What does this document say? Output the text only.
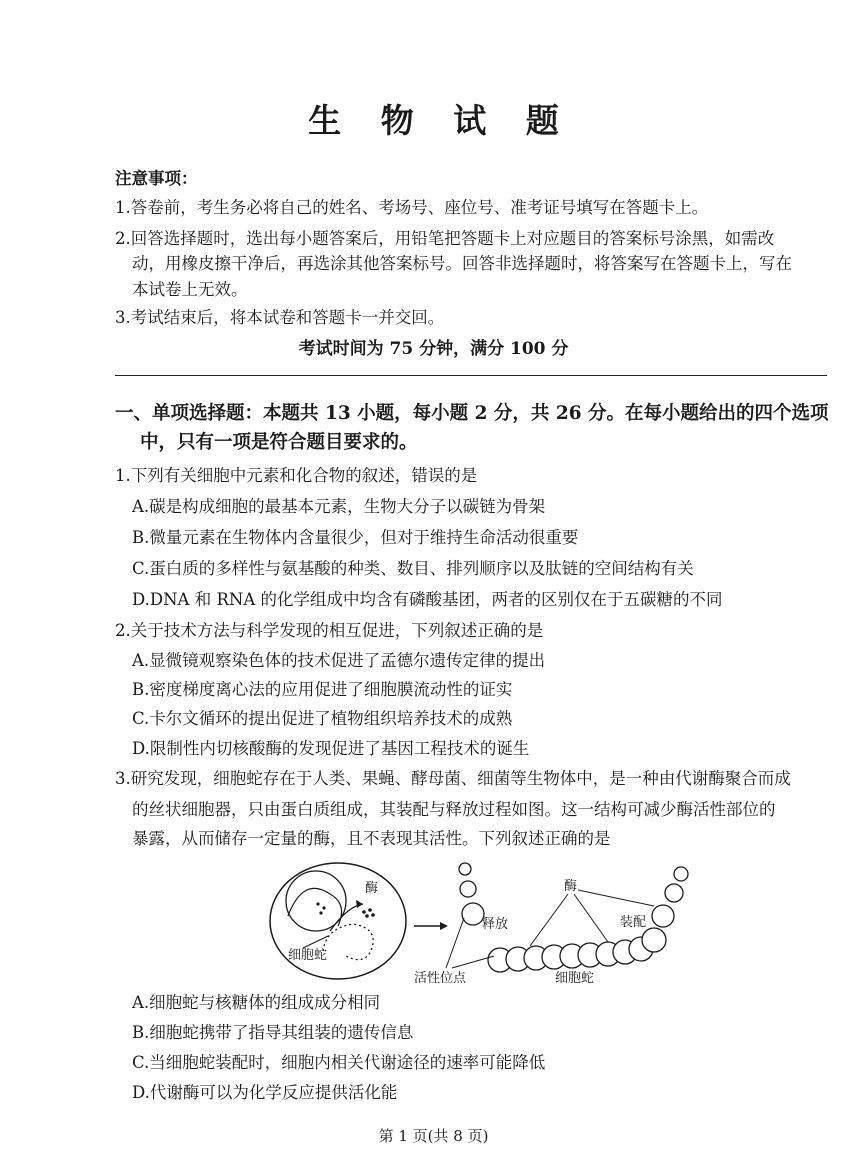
生 物 试 题
注意事项：
1.答卷前，考生务必将自己的姓名、考场号、座位号、准考证号填写在答题卡上。
2.回答选择题时，选出每小题答案后，用铅笔把答题卡上对应题目的答案标号涂黑，如需改
动，用橡皮擦干净后，再选涂其他答案标号。回答非选择题时，将答案写在答题卡上，写在
本试卷上无效。
3.考试结束后，将本试卷和答题卡一并交回。
考试时间为 75 分钟，满分 100 分
一、单项选择题：本题共 13 小题，每小题 2 分，共 26 分。在每小题给出的四个选项
中，只有一项是符合题目要求的。
1.下列有关细胞中元素和化合物的叙述，错误的是
A.碳是构成细胞的最基本元素，生物大分子以碳链为骨架
B.微量元素在生物体内含量很少，但对于维持生命活动很重要
C.蛋白质的多样性与氨基酸的种类、数目、排列顺序以及肽链的空间结构有关
D.DNA 和 RNA 的化学组成中均含有磷酸基团，两者的区别仅在于五碳糖的不同
2.关于技术方法与科学发现的相互促进，下列叙述正确的是
A.显微镜观察染色体的技术促进了孟德尔遗传定律的提出
B.密度梯度离心法的应用促进了细胞膜流动性的证实
C.卡尔文循环的提出促进了植物组织培养技术的成熟
D.限制性内切核酸酶的发现促进了基因工程技术的诞生
3.研究发现，细胞蛇存在于人类、果蝇、酵母菌、细菌等生物体中，是一种由代谢酶聚合而成
的丝状细胞器，只由蛋白质组成，其装配与释放过程如图。这一结构可减少酶活性部位的
暴露，从而储存一定量的酶，且不表现其活性。下列叙述正确的是
酶
细胞蛇
释放
酶
装配
活性位点	细胞蛇
A.细胞蛇与核糖体的组成成分相同
B.细胞蛇携带了指导其组装的遗传信息
C.当细胞蛇装配时，细胞内相关代谢途径的速率可能降低
D.代谢酶可以为化学反应提供活化能
第 1 页(共 8 页)
